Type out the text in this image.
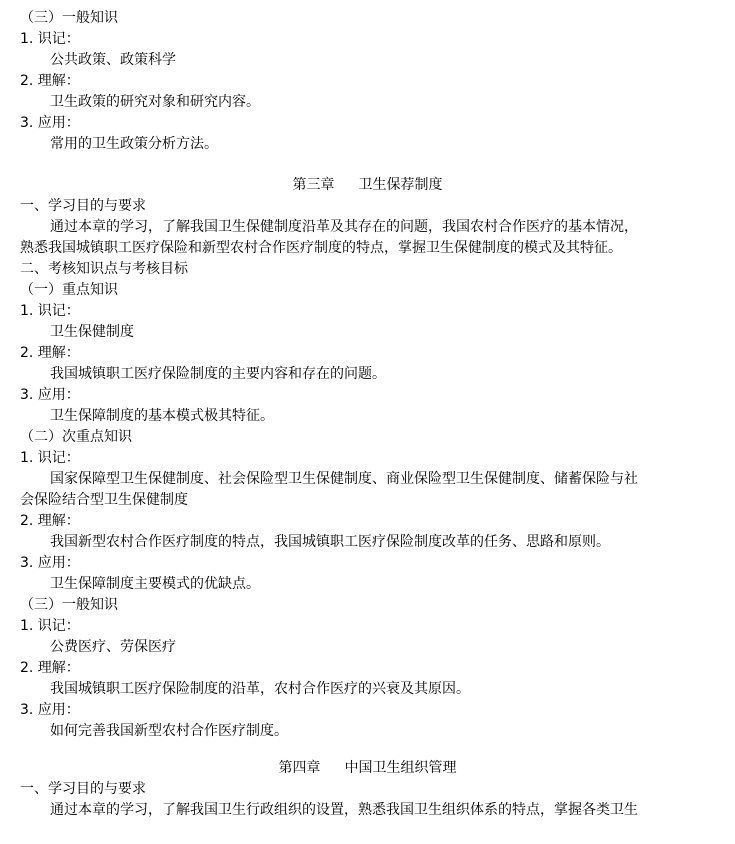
（三）一般知识
1. 识记：
公共政策、政策科学
2. 理解：
卫生政策的研究对象和研究内容。
3. 应用：
常用的卫生政策分析方法。
第三章 卫生保荐制度
一、学习目的与要求
通过本章的学习，了解我国卫生保健制度沿革及其存在的问题，我国农村合作医疗的基本情况，
熟悉我国城镇职工医疗保险和新型农村合作医疗制度的特点，掌握卫生保健制度的模式及其特征。
二、考核知识点与考核目标
（一）重点知识
1. 识记：
卫生保健制度
2. 理解：
我国城镇职工医疗保险制度的主要内容和存在的问题。
3. 应用：
卫生保障制度的基本模式极其特征。
（二）次重点知识
1. 识记：
国家保障型卫生保健制度、社会保险型卫生保健制度、商业保险型卫生保健制度、储蓄保险与社
会保险结合型卫生保健制度
2. 理解：
我国新型农村合作医疗制度的特点，我国城镇职工医疗保险制度改革的任务、思路和原则。
3. 应用：
卫生保障制度主要模式的优缺点。
（三）一般知识
1. 识记：
公费医疗、劳保医疗
2. 理解：
我国城镇职工医疗保险制度的沿革，农村合作医疗的兴衰及其原因。
3. 应用：
如何完善我国新型农村合作医疗制度。
第四章 中国卫生组织管理
一、学习目的与要求
通过本章的学习，了解我国卫生行政组织的设置，熟悉我国卫生组织体系的特点，掌握各类卫生
